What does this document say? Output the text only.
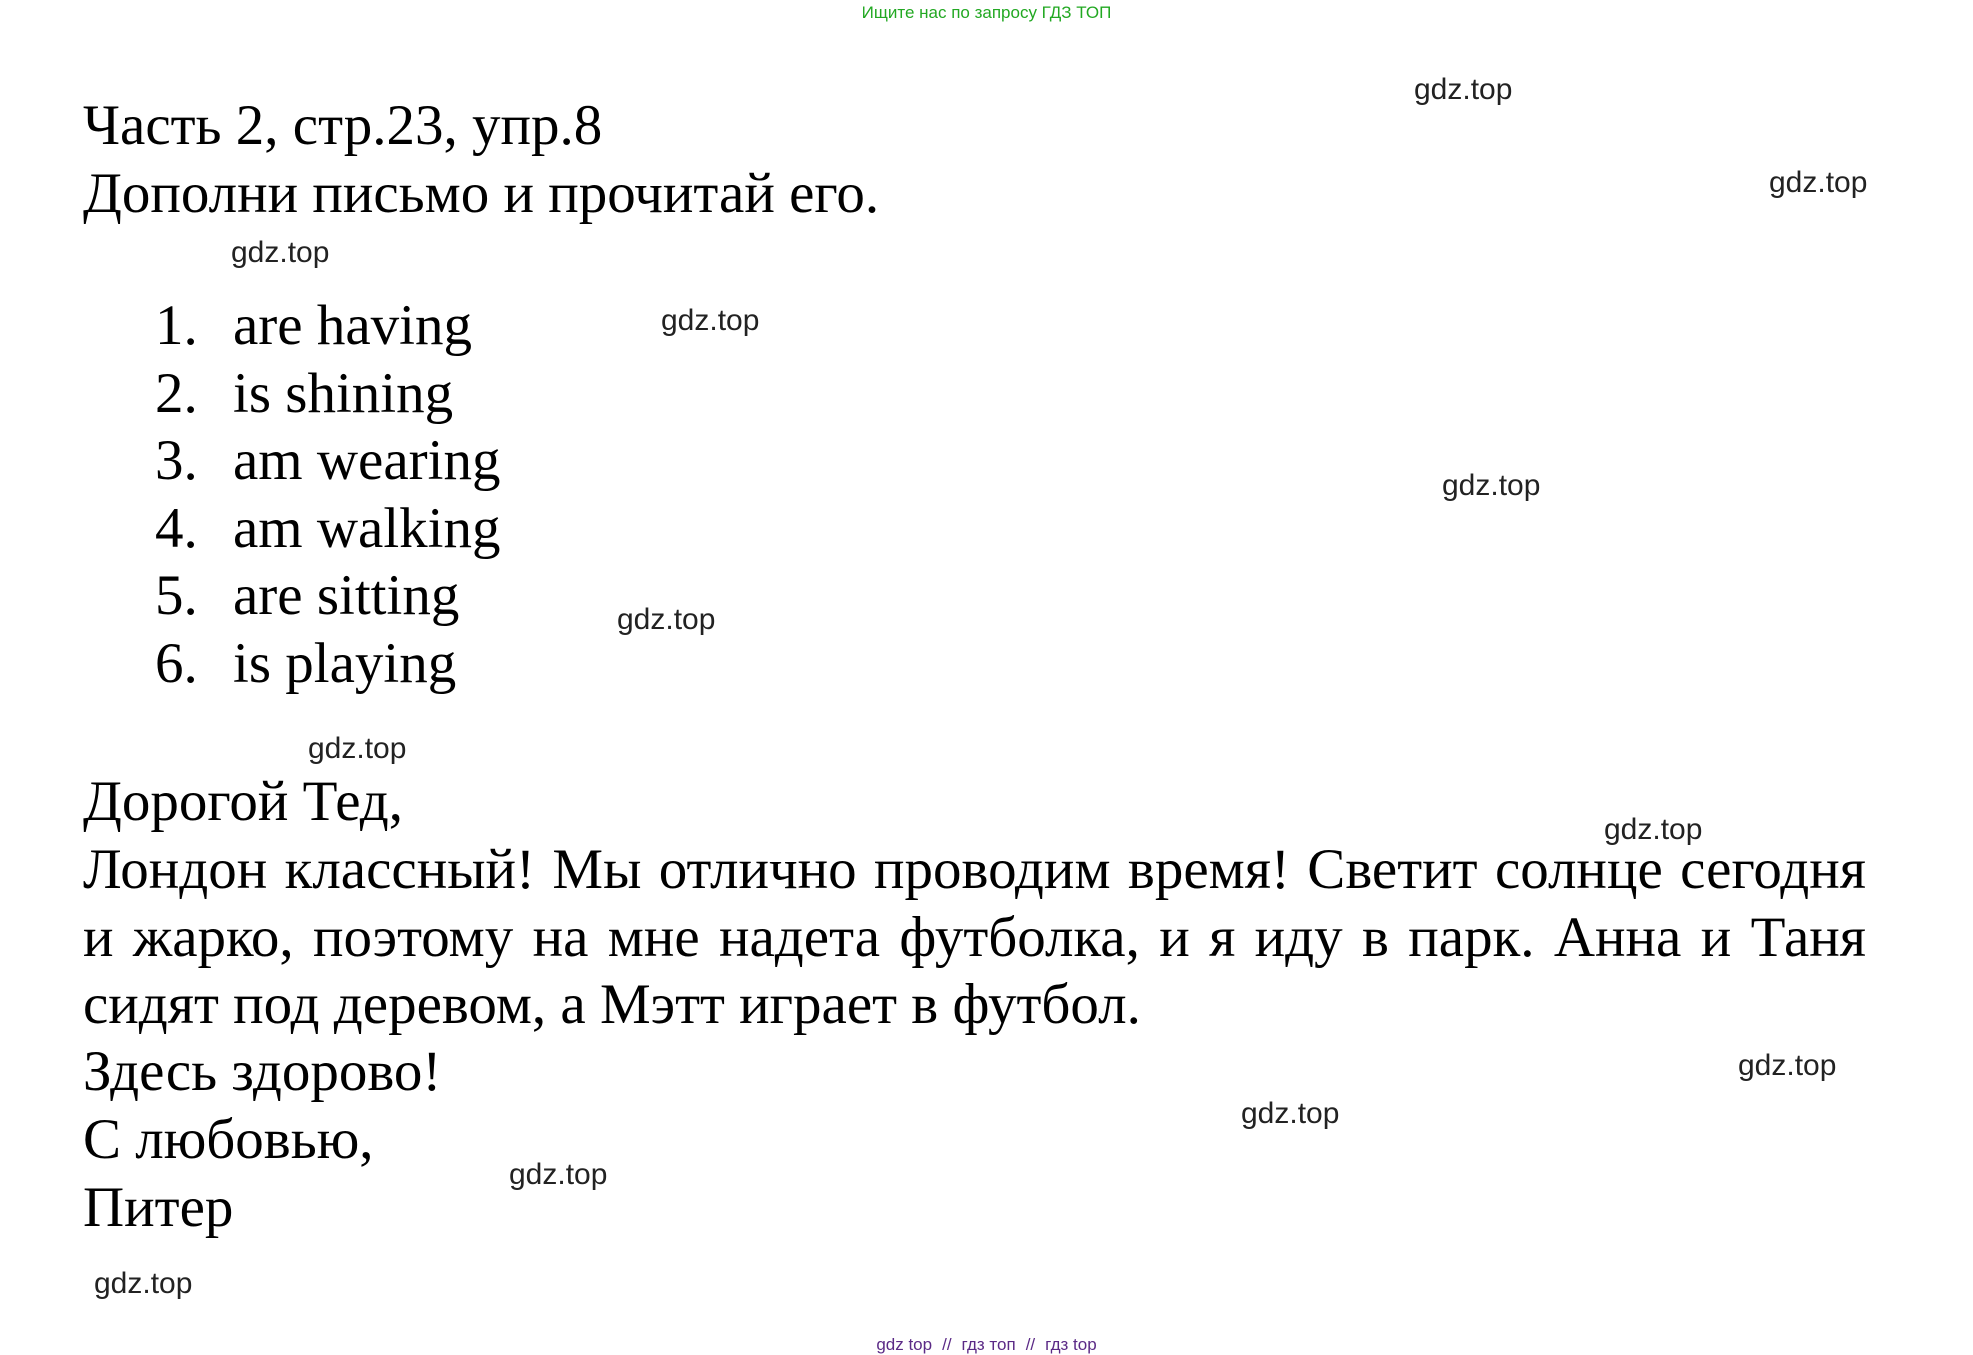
Ищите нас по запросу ГДЗ ТОП
Часть 2, стр.23, упр.8
Дополни письмо и прочитай его.
1. are having
2. is shining
3. am wearing
4. am walking
5. are sitting
6. is playing
Дорогой Тед,
Лондон классный! Мы отлично проводим время! Светит солнце сегодня и жарко, поэтому на мне надета футболка, и я иду в парк. Анна и Таня сидят под деревом, а Мэтт играет в футбол.
Здесь здорово!
С любовью,
Питер
gdz.top
gdz.top
gdz.top
gdz.top
gdz.top
gdz.top
gdz.top
gdz.top
gdz.top
gdz.top
gdz.top
gdz.top
gdz top // гдз топ // гдз top
